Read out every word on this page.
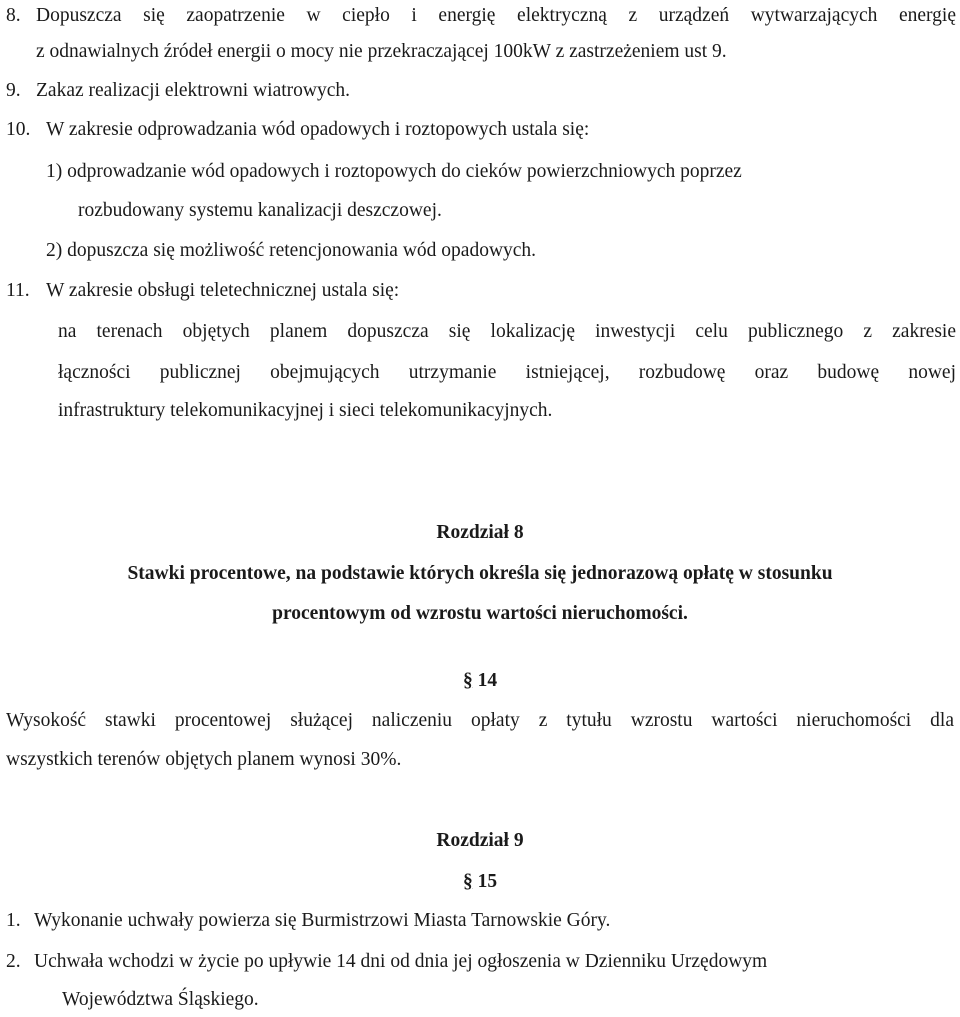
8. Dopuszcza się zaopatrzenie w ciepło i energię elektryczną z urządzeń wytwarzających energię
z odnawialnych źródeł energii o mocy nie przekraczającej 100kW z zastrzeżeniem ust 9.
9. Zakaz realizacji elektrowni wiatrowych.
10. W zakresie odprowadzania wód opadowych i roztopowych ustala się:
1) odprowadzanie wód opadowych i roztopowych do cieków powierzchniowych poprzez
rozbudowany systemu kanalizacji deszczowej.
2) dopuszcza się możliwość retencjonowania wód opadowych.
11. W zakresie obsługi teletechnicznej ustala się:
na terenach objętych planem dopuszcza się lokalizację inwestycji celu publicznego z zakresie
łączności publicznej obejmujących utrzymanie istniejącej, rozbudowę oraz budowę nowej
infrastruktury telekomunikacyjnej i sieci telekomunikacyjnych.
Rozdział 8
Stawki procentowe, na podstawie których określa się jednorazową opłatę w stosunku
procentowym od wzrostu wartości nieruchomości.
§ 14
Wysokość stawki procentowej służącej naliczeniu opłaty z tytułu wzrostu wartości nieruchomości dla
wszystkich terenów objętych planem wynosi 30%.
Rozdział 9
§ 15
1. Wykonanie uchwały powierza się Burmistrzowi Miasta Tarnowskie Góry.
2. Uchwała wchodzi w życie po upływie 14 dni od dnia jej ogłoszenia w Dzienniku Urzędowym
Województwa Śląskiego.
